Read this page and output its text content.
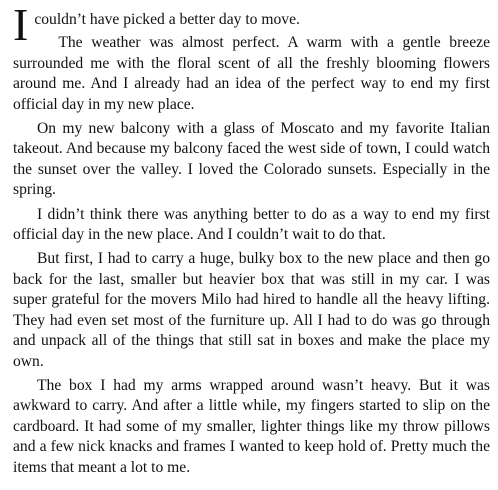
I couldn’t have picked a better day to move.
The weather was almost perfect. A warm with a gentle breeze surrounded me with the floral scent of all the freshly blooming flowers around me. And I already had an idea of the perfect way to end my first official day in my new place.

On my new balcony with a glass of Moscato and my favorite Italian takeout. And because my balcony faced the west side of town, I could watch the sunset over the valley. I loved the Colorado sunsets. Especially in the spring.

I didn’t think there was anything better to do as a way to end my first official day in the new place. And I couldn’t wait to do that.

But first, I had to carry a huge, bulky box to the new place and then go back for the last, smaller but heavier box that was still in my car. I was super grateful for the movers Milo had hired to handle all the heavy lifting. They had even set most of the furniture up. All I had to do was go through and unpack all of the things that still sat in boxes and make the place my own.

The box I had my arms wrapped around wasn’t heavy. But it was awkward to carry. And after a little while, my fingers started to slip on the cardboard. It had some of my smaller, lighter things like my throw pillows and a few nick knacks and frames I wanted to keep hold of. Pretty much the items that meant a lot to me.
